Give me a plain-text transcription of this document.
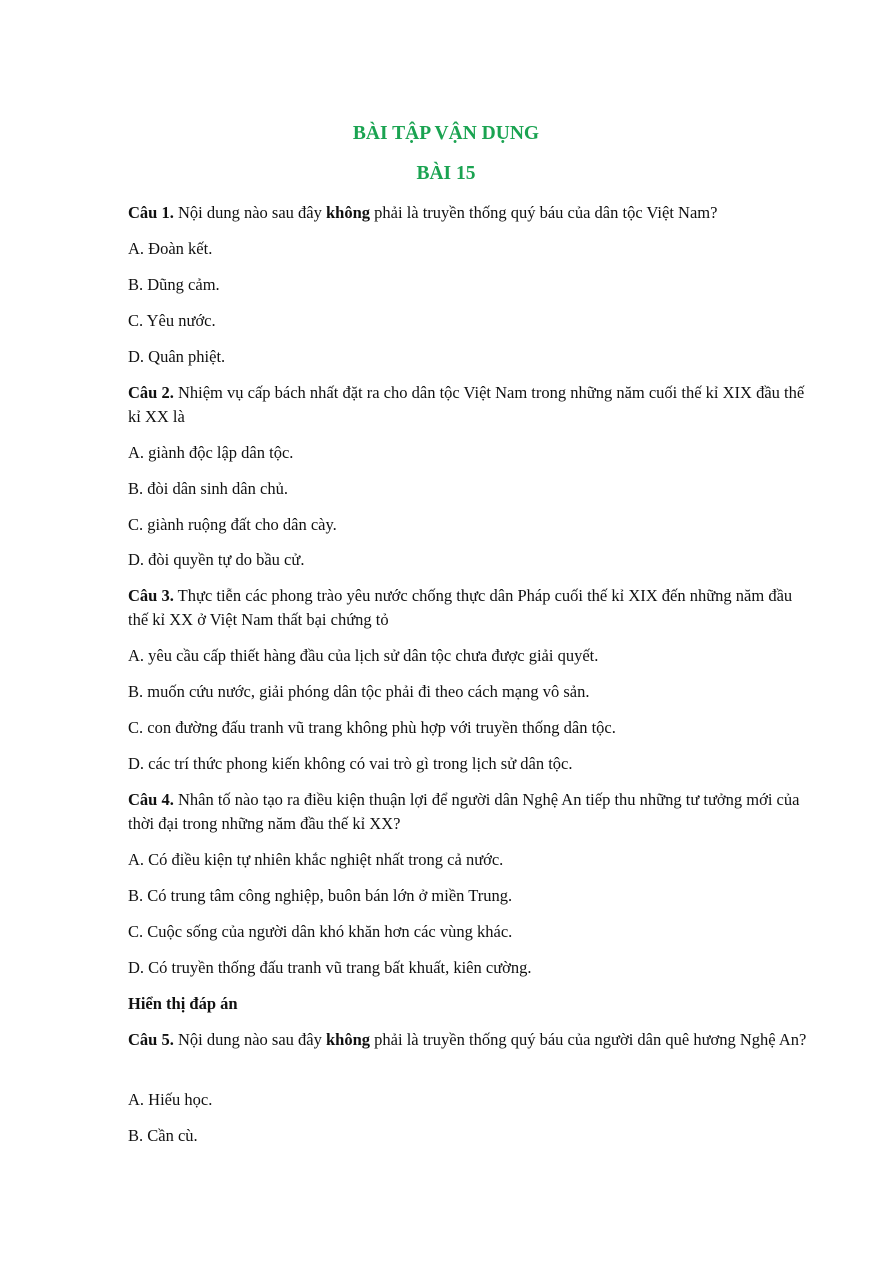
BÀI TẬP VẬN DỤNG
BÀI 15
Câu 1. Nội dung nào sau đây không phải là truyền thống quý báu của dân tộc Việt Nam?
A. Đoàn kết.
B. Dũng cảm.
C. Yêu nước.
D. Quân phiệt.
Câu 2. Nhiệm vụ cấp bách nhất đặt ra cho dân tộc Việt Nam trong những năm cuối thế kỉ XIX đầu thế kỉ XX là
A. giành độc lập dân tộc.
B. đòi dân sinh dân chủ.
C. giành ruộng đất cho dân cày.
D. đòi quyền tự do bầu cử.
Câu 3. Thực tiễn các phong trào yêu nước chống thực dân Pháp cuối thế kỉ XIX đến những năm đầu thế kỉ XX ở Việt Nam thất bại chứng tỏ
A. yêu cầu cấp thiết hàng đầu của lịch sử dân tộc chưa được giải quyết.
B. muốn cứu nước, giải phóng dân tộc phải đi theo cách mạng vô sản.
C. con đường đấu tranh vũ trang không phù hợp với truyền thống dân tộc.
D. các trí thức phong kiến không có vai trò gì trong lịch sử dân tộc.
Câu 4. Nhân tố nào tạo ra điều kiện thuận lợi để người dân Nghệ An tiếp thu những tư tưởng mới của thời đại trong những năm đầu thế kỉ XX?
A. Có điều kiện tự nhiên khắc nghiệt nhất trong cả nước.
B. Có trung tâm công nghiệp, buôn bán lớn ở miền Trung.
C. Cuộc sống của người dân khó khăn hơn các vùng khác.
D. Có truyền thống đấu tranh vũ trang bất khuất, kiên cường.
Hiển thị đáp án
Câu 5. Nội dung nào sau đây không phải là truyền thống quý báu của người dân quê hương Nghệ An?
A. Hiếu học.
B. Cần cù.
